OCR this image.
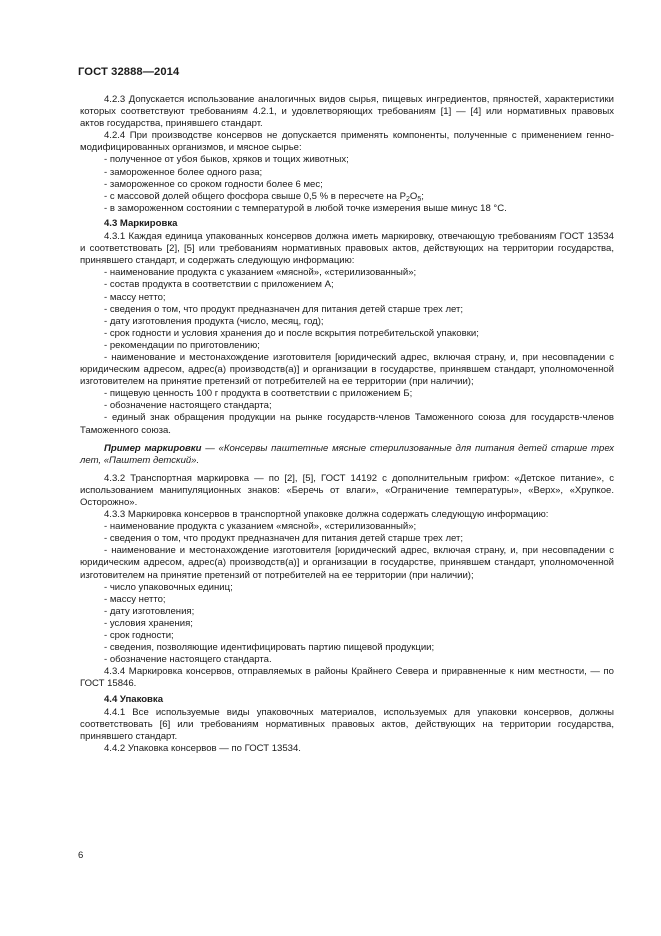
ГОСТ 32888—2014

4.2.3 Допускается использование аналогичных видов сырья, пищевых ингредиентов, пряностей, характеристики которых соответствуют требованиям 4.2.1, и удовлетворяющих требованиям [1] — [4] или нормативных правовых актов государства, принявшего стандарт.

4.2.4 При производстве консервов не допускается применять компоненты, полученные с применением генно-модифицированных организмов, и мясное сырье:

- полученное от убоя быков, хряков и тощих животных;

- замороженное более одного раза;

- замороженное со сроком годности более 6 мес;

- с массовой долей общего фосфора свыше 0,5 % в пересчете на $Р_2О_5$;

- в замороженном состоянии с температурой в любой точке измерения выше минус 18 °С.

4.3 Маркировка

4.3.1 Каждая единица упакованных консервов должна иметь маркировку, отвечающую требованиям ГОСТ 13534 и соответствовать [2], [5] или требованиям нормативных правовых актов, действующих на территории государства, принявшего стандарт, и содержать следующую информацию:

- наименование продукта с указанием «мясной», «стерилизованный»;

- состав продукта в соответствии с приложением А;

- массу нетто;

- сведения о том, что продукт предназначен для питания детей старше трех лет;

- дату изготовления продукта (число, месяц, год);

- срок годности и условия хранения до и после вскрытия потребительской упаковки;

- рекомендации по приготовлению;

- наименование и местонахождение изготовителя [юридический адрес, включая страну, и, при несовпадении с юридическим адресом, адрес(а) производств(а)] и организации в государстве, принявшем стандарт, уполномоченной изготовителем на принятие претензий от потребителей на ее территории (при наличии);

- пищевую ценность 100 г продукта в соответствии с приложением Б;

- обозначение настоящего стандарта;

- единый знак обращения продукции на рынке государств-членов Таможенного союза для государств-членов Таможенного союза.

Пример маркировки — «Консервы паштетные мясные стерилизованные для питания детей старше трех лет, «Паштет детский».

4.3.2 Транспортная маркировка — по [2], [5], ГОСТ 14192 с дополнительным грифом: «Детское питание», с использованием манипуляционных знаков: «Беречь от влаги», «Ограничение температуры», «Верх», «Хрупкое. Осторожно».

4.3.3 Маркировка консервов в транспортной упаковке должна содержать следующую информацию:

- наименование продукта с указанием «мясной», «стерилизованный»;

- сведения о том, что продукт предназначен для питания детей старше трех лет;

- наименование и местонахождение изготовителя [юридический адрес, включая страну, и, при несовпадении с юридическим адресом, адрес(а) производств(а)] и организации в государстве, принявшем стандарт, уполномоченной изготовителем на принятие претензий от потребителей на ее территории (при наличии);

- число упаковочных единиц;

- массу нетто;

- дату изготовления;

- условия хранения;

- срок годности;

- сведения, позволяющие идентифицировать партию пищевой продукции;

- обозначение настоящего стандарта.

4.3.4 Маркировка консервов, отправляемых в районы Крайнего Севера и приравненные к ним местности, — по ГОСТ 15846.

4.4 Упаковка

4.4.1 Все используемые виды упаковочных материалов, используемых для упаковки консервов, должны соответствовать [6] или требованиям нормативных правовых актов, действующих на территории государства, принявшего стандарт.

4.4.2 Упаковка консервов — по ГОСТ 13534.

6
